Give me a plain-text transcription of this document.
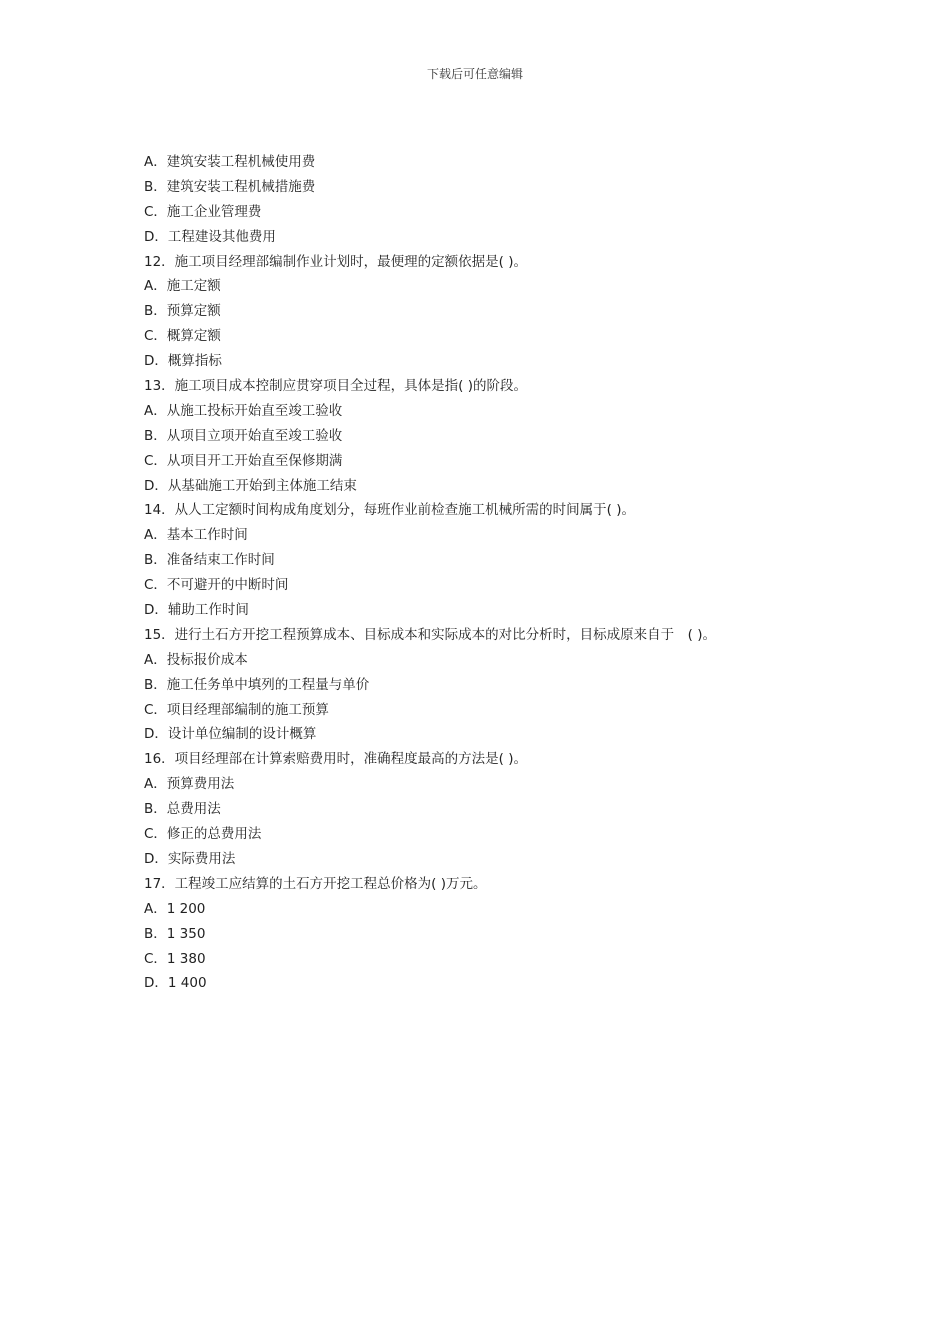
下载后可任意编辑
A．建筑安装工程机械使用费
B．建筑安装工程机械措施费
C．施工企业管理费
D．工程建设其他费用
12．施工项目经理部编制作业计划时，最便理的定额依据是( )。
A．施工定额
B．预算定额
C．概算定额
D．概算指标
13．施工项目成本控制应贯穿项目全过程，具体是指( )的阶段。
A．从施工投标开始直至竣工验收
B．从项目立项开始直至竣工验收
C．从项目开工开始直至保修期满
D．从基础施工开始到主体施工结束
14．从人工定额时间构成角度划分，每班作业前检查施工机械所需的时间属于( )。
A．基本工作时间
B．准备结束工作时间
C．不可避开的中断时间
D．辅助工作时间
15．进行土石方开挖工程预算成本、目标成本和实际成本的对比分析时，目标成原来自于　( )。
A．投标报价成本
B．施工任务单中填列的工程量与单价
C．项目经理部编制的施工预算
D．设计单位编制的设计概算
16．项目经理部在计算索赔费用时，准确程度最高的方法是( )。
A．预算费用法
B．总费用法
C．修正的总费用法
D．实际费用法
17．工程竣工应结算的土石方开挖工程总价格为( )万元。
A．1 200
B．1 350
C．1 380
D．1 400
